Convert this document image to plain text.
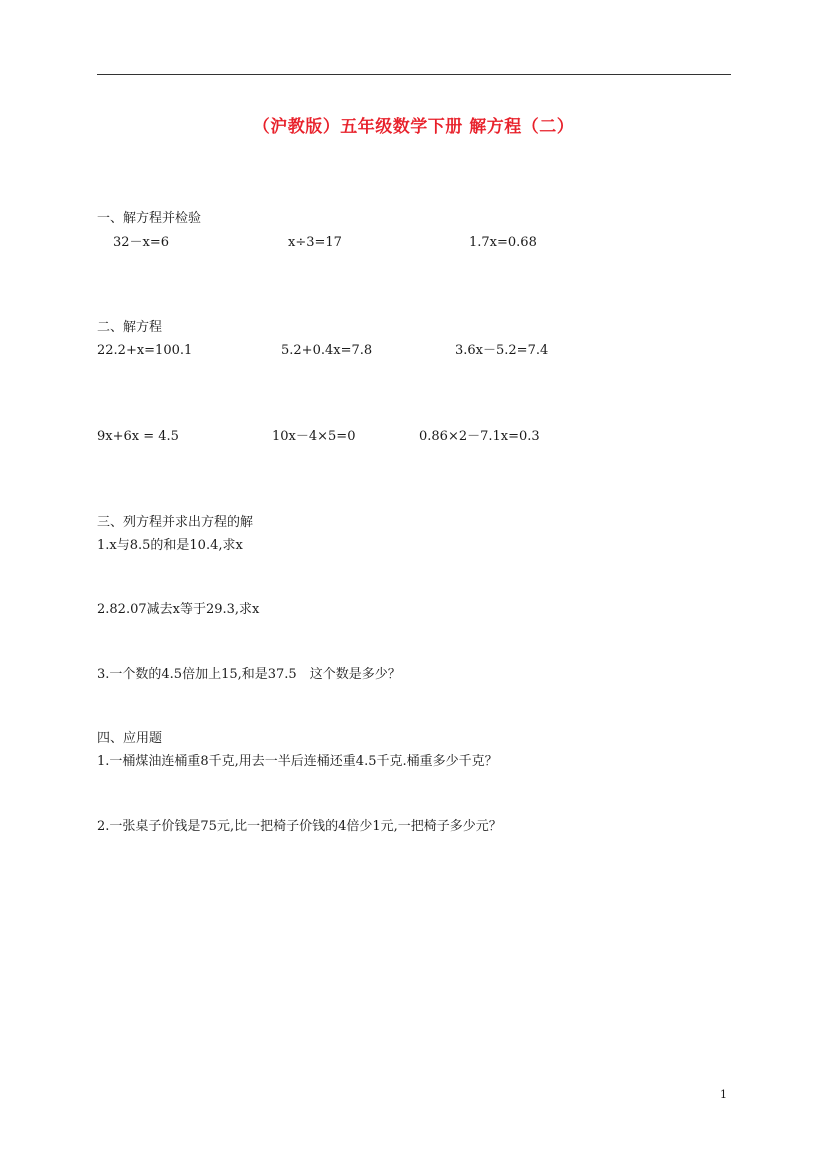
（沪教版）五年级数学下册 解方程（二）
一、解方程并检验
32－x=6	x÷3=17	1.7x=0.68
二、解方程
22.2+x=100.1	5.2+0.4x=7.8	3.6x－5.2=7.4
9x+6x = 4.5	10x－4×5=0	0.86×2－7.1x=0.3
三、列方程并求出方程的解
1.x与8.5的和是10.4,求x
2.82.07减去x等于29.3,求x
3.一个数的4.5倍加上15,和是37.5　这个数是多少？
四、应用题
1.一桶煤油连桶重8千克,用去一半后连桶还重4.5千克.桶重多少千克？
2.一张桌子价钱是75元,比一把椅子价钱的4倍少1元,一把椅子多少元？
1
